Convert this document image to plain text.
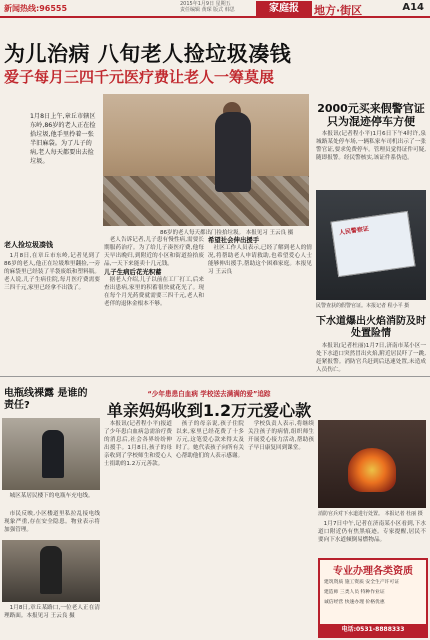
新闻热线:96555	2015年1月9日 星期五
责任编辑 黄琛 版式 韩思	家庭报	地方·街区	A14
为儿治病 八旬老人捡垃圾凑钱
爱子每月三四千元医疗费让老人一筹莫展
1月8日上午,章丘市辖区东岭,86岁的老人正在捡拾垃圾,他手里拎着一张半旧麻袋。为了儿子的病,老人每天都要出去捡垃圾。
86岁的老人每天都出门捡拾垃圾。 本报见习 王云良 摄
老人捡垃圾凑钱

1月8日,在章丘市东岭,记者见到了86岁的老人,他正在垃圾堆里翻捡,一旁的麻袋里已经装了半袋废纸和塑料瓶。老人说,儿子生病住院,每月医疗费需要三四千元,家里已经拿不出钱了。

老人告诉记者,儿子患有慢性病,需要长期服药治疗。为了给儿子凑医疗费,他每天早出晚归,到附近的小区和街道捡拾废品,一天下来能卖十几元钱。

儿子生病后花光积蓄

据老人介绍,儿子以前在工厂打工,后来查出患病,家里的积蓄很快就花光了。现在每个月光药费就需要三四千元,老人和老伴的退休金根本不够。

希望社会伸出援手

社区工作人员表示,已经了解到老人的情况,将帮助老人申请救助,也希望爱心人士能够伸出援手,帮助这个困难家庭。本报见习 王云良

2000元买来假警官证只为混迹停车方便

本报讯(记者程小平)1月6日下午4时许,泉城路某处停车场,一辆私家车司机出示了一张警官证,要求免费停车。管理员觉得证件可疑,随即报警。经民警核实,该证件系伪造。

人民警察证
民警查获的假警官证。本报记者 程小平 摄
下水道爆出火焰消防及时处置险情

本报讯(记者杜丽)1月7日,济南市某小区一处下水道口突然冒出火焰,附近居民吓了一跳,赶紧报警。消防官兵赶到后迅速处置,未造成人员伤亡。

电瓶线裸露 是谁的责任?

城区某居民楼下的电瓶车充电线。

市民反映,小区楼道里私拉乱接电线现象严重,存在安全隐患。物业表示将加强管理。

1月8日,章丘某路口,一位老人正在清理路面。本报见习 王云良 摄

“少年患患白血病 学校送去满满的爱”追踪
单亲妈妈收到1.2万元爱心款

本报讯(记者程小平)报道了少年患白血病急需治疗费的消息后,社会各界纷纷伸出援手。1月8日,孩子的母亲收到了学校师生和爱心人士捐助的1.2万元善款。

孩子的母亲说,孩子住院以来,家里已经花费了十多万元,这笔爱心款来得太及时了。她代表孩子向所有关心帮助他们的人表示感谢。

学校负责人表示,将继续关注孩子的病情,组织师生开展爱心接力活动,帮助孩子早日康复回到课堂。

消防官兵对下水道进行处置。 本报记者 杜丽 摄

1月7日中午,记者在济南某小区看到,下水道口附近仍有焦黑痕迹。专家提醒,居民不要向下水道倾倒易燃物品。

专业办理各类资质
建筑资质 施工资质 安全生产许可证
建造师 三类人员 特种作业证
诚信经营 快速办理 价格优惠
电话:0531-8888333
